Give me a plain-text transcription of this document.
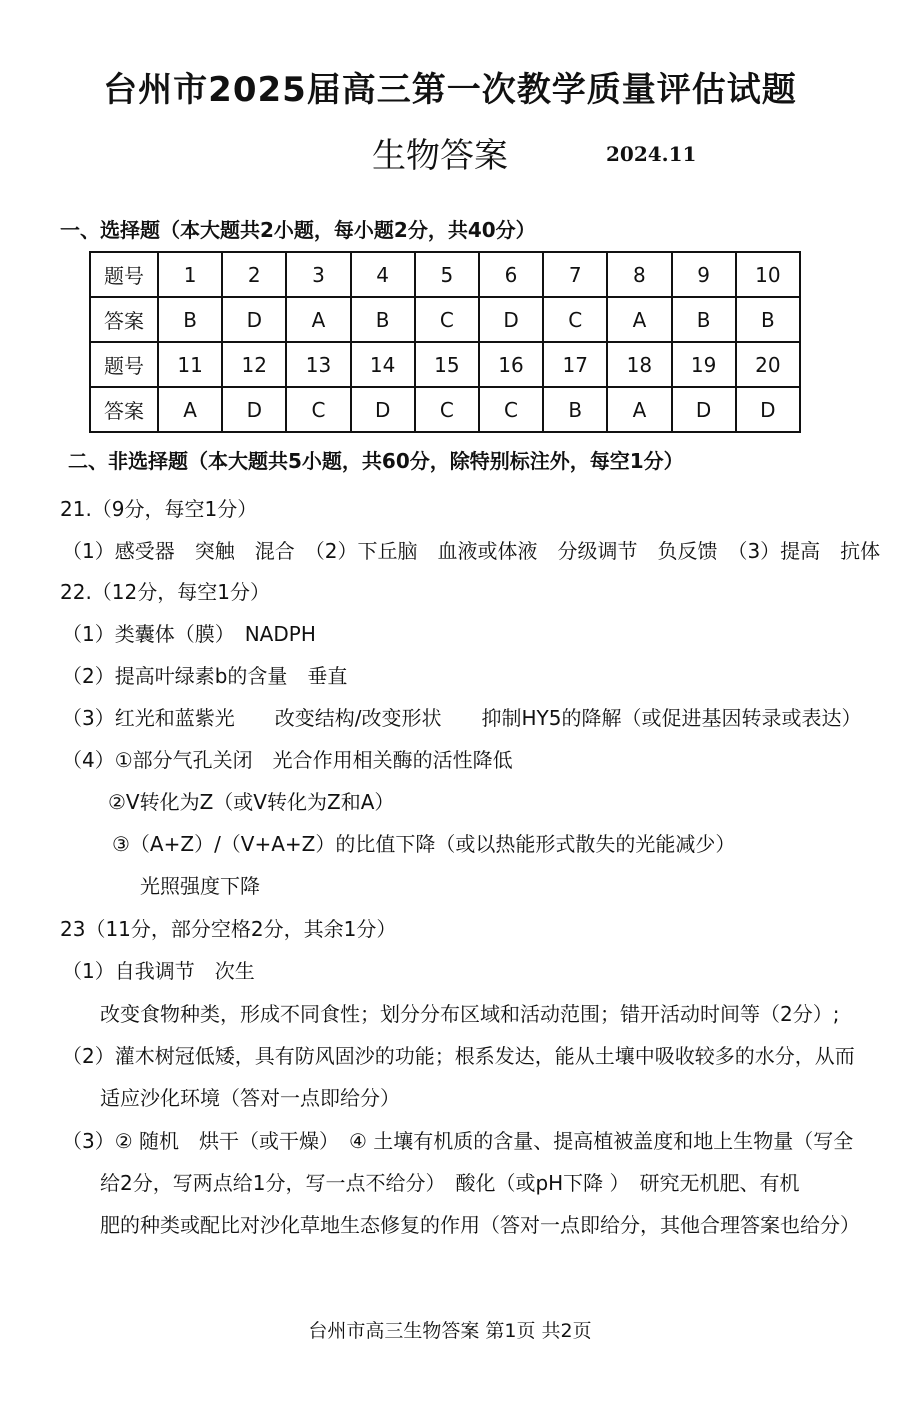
台州市2025届高三第一次教学质量评估试题
生物答案	2024.11
一、选择题（本大题共2小题，每小题2分，共40分）
题号	1	2	3	4	5	6	7	8	9	10
答案	B	D	A	B	C	D	C	A	B	B
题号	11	12	13	14	15	16	17	18	19	20
答案	A	D	C	D	C	C	B	A	D	D
二、非选择题（本大题共5小题，共60分，除特别标注外，每空1分）
21.（9分，每空1分）
（1）感受器　突触　混合　（2）下丘脑　血液或体液　分级调节　负反馈　（3）提高　抗体
22.（12分，每空1分）
（1）类囊体（膜）　NADPH
（2）提高叶绿素b的含量　垂直
（3）红光和蓝紫光　　改变结构/改变形状　　抑制HY5的降解（或促进基因转录或表达）
（4）①部分气孔关闭　光合作用相关酶的活性降低
②V转化为Z（或V转化为Z和A）
③（A+Z）/（V+A+Z）的比值下降（或以热能形式散失的光能减少）
光照强度下降
23（11分，部分空格2分，其余1分）
（1）自我调节　次生
改变食物种类，形成不同食性；划分分布区域和活动范围；错开活动时间等（2分）;
（2）灌木树冠低矮，具有防风固沙的功能；根系发达，能从土壤中吸收较多的水分，从而
适应沙化环境（答对一点即给分）
（3）② 随机　烘干（或干燥）　④ 土壤有机质的含量、提高植被盖度和地上生物量（写全
给2分，写两点给1分，写一点不给分）　酸化（或pH下降 ）　研究无机肥、有机
肥的种类或配比对沙化草地生态修复的作用（答对一点即给分，其他合理答案也给分）
台州市高三生物答案 第1页 共2页
